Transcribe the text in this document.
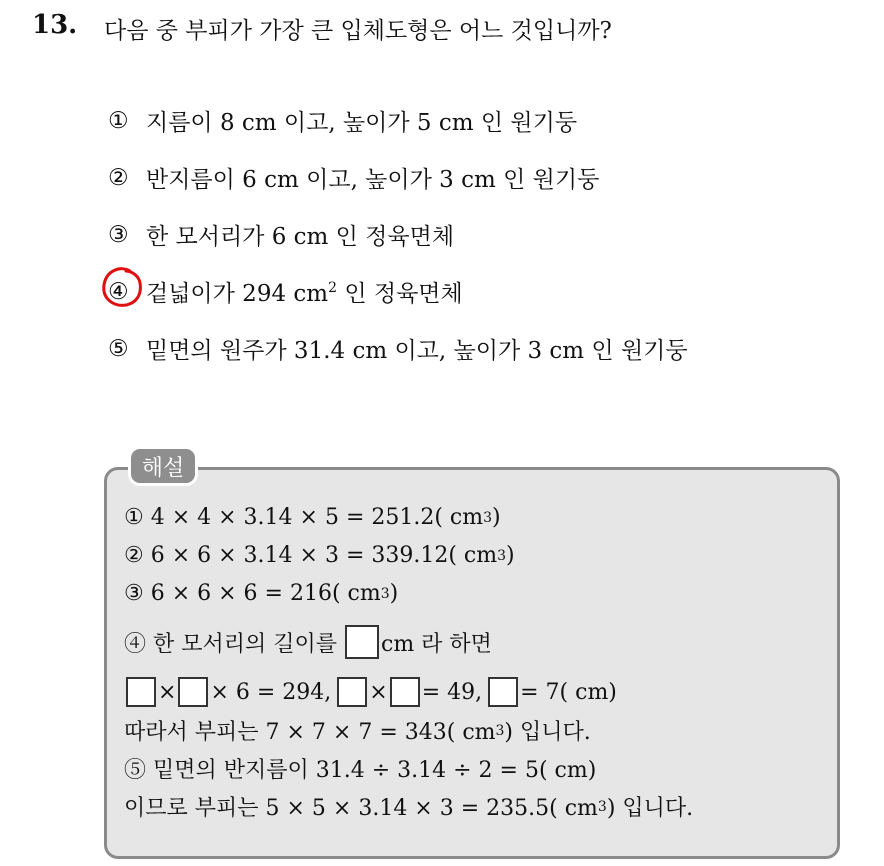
13. 다음 중 부피가 가장 큰 입체도형은 어느 것입니까?
① 지름이 8 cm 이고, 높이가 5 cm 인 원기둥
② 반지름이 6 cm 이고, 높이가 3 cm 인 원기둥
③ 한 모서리가 6 cm 인 정육면체
④ 겉넓이가 294 $cm^2$ 인 정육면체
⑤ 밑면의 원주가 31.4 cm 이고, 높이가 3 cm 인 원기둥
해설
① 4 × 4 × 3.14 × 5 = 251.2( cm 3 )
② 6 × 6 × 3.14 × 3 = 339.12( cm 3 )
③ 6 × 6 × 6 = 216( cm 3 )
④ 한 모서리의 길이를 cm 라 하면
× × 6 = 294, × = 49, = 7( cm)
따라서 부피는 7 × 7 × 7 = 343( cm 3 ) 입니다.
⑤ 밑면의 반지름이 31.4 ÷ 3.14 ÷ 2 = 5( cm)
이므로 부피는 5 × 5 × 3.14 × 3 = 235.5( cm 3 ) 입니다.
